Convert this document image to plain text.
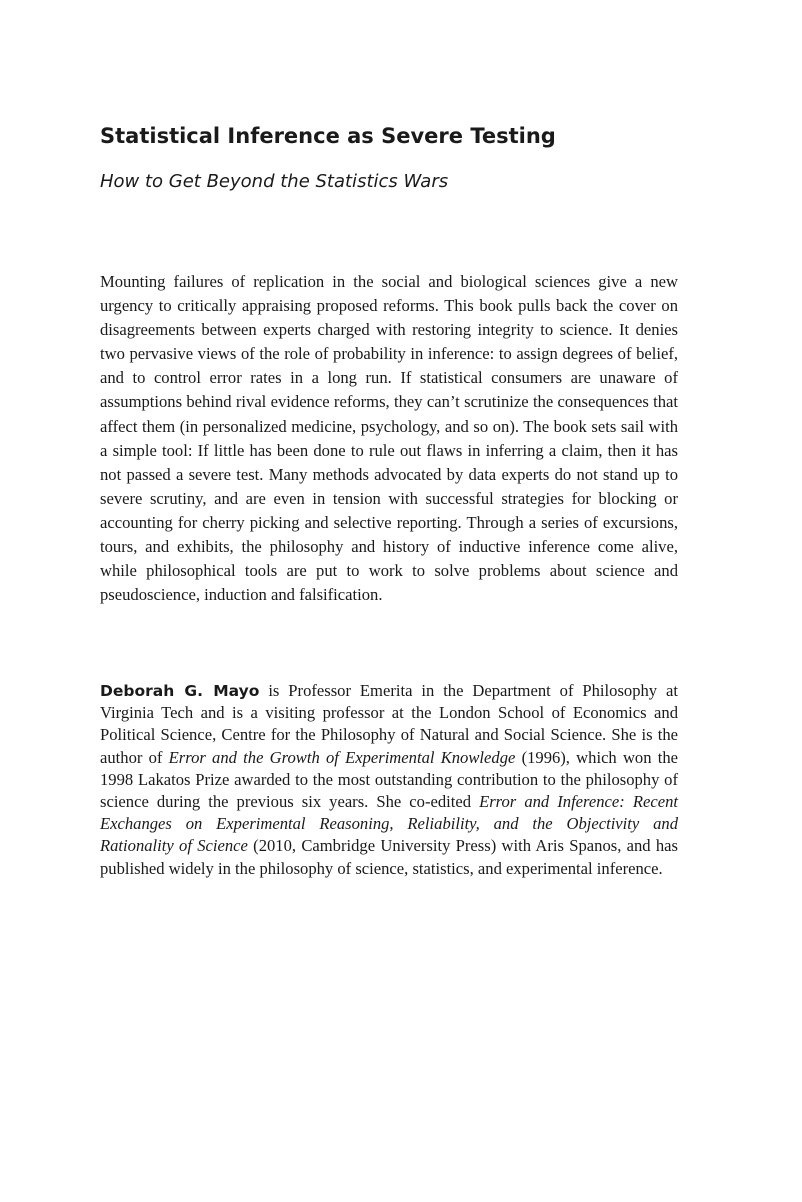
Statistical Inference as Severe Testing
How to Get Beyond the Statistics Wars

Mounting failures of replication in the social and biological sciences give a new urgency to critically appraising proposed reforms. This book pulls back the cover on disagreements between experts charged with restoring integrity to science. It denies two pervasive views of the role of probability in inference: to assign degrees of belief, and to control error rates in a long run. If statistical consumers are unaware of assumptions behind rival evidence reforms, they can’t scrutinize the consequences that affect them (in personalized medicine, psychology, and so on). The book sets sail with a simple tool: If little has been done to rule out flaws in inferring a claim, then it has not passed a severe test. Many methods advocated by data experts do not stand up to severe scrutiny, and are even in tension with successful strategies for blocking or accounting for cherry picking and selective reporting. Through a series of excursions, tours, and exhibits, the philosophy and history of inductive inference come alive, while philosophical tools are put to work to solve problems about science and pseudoscience, induction and falsification.

Deborah G. Mayo is Professor Emerita in the Department of Philosophy at Virginia Tech and is a visiting professor at the London School of Economics and Political Science, Centre for the Philosophy of Natural and Social Science. She is the author of Error and the Growth of Experimental Knowledge (1996), which won the 1998 Lakatos Prize awarded to the most outstanding contribution to the philosophy of science during the previous six years. She co-edited Error and Inference: Recent Exchanges on Experimental Reasoning, Reliability, and the Objectivity and Rationality of Science (2010, Cambridge University Press) with Aris Spanos, and has published widely in the philosophy of science, statistics, and experimental inference.
